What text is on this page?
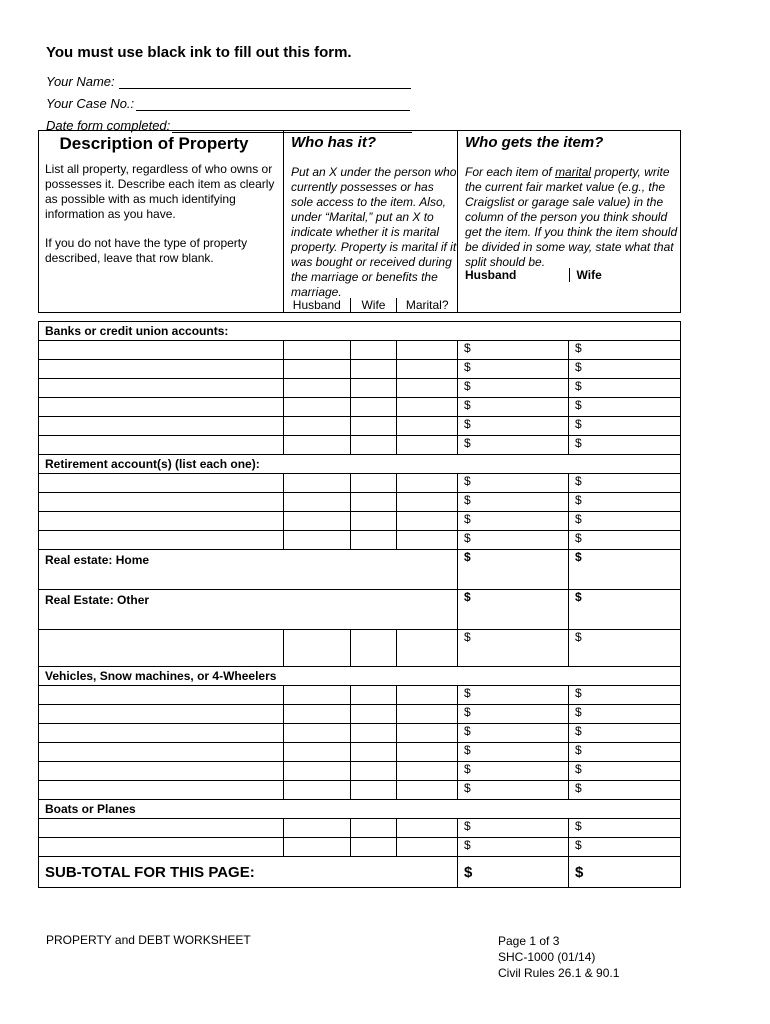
You must use black ink to fill out this form.
Your Name:
Your Case No.:
Date form completed:
Description of Property
List all property, regardless of who owns or possesses it. Describe each item as clearly as possible with as much identifying information as you have.
If you do not have the type of property described, leave that row blank.

Who has it?
Put an X under the person who currently possesses or has sole access to the item. Also, under “Marital,” put an X to indicate whether it is marital property. Property is marital if it was bought or received during the marriage or benefits the marriage.
Husband	Wife	Marital?

Who gets the item?
For each item of marital property, write the current fair market value (e.g., the Craigslist or garage sale value) in the column of the person you think should get the item. If you think the item should be divided in some way, state what that split should be.
Husband	Wife
Banks or credit union accounts:					
				$	$
				$	$
				$	$
				$	$
				$	$
				$	$
Retirement account(s) (list each one):					
				$	$
				$	$
				$	$
				$	$
Real estate: Home				$	$
Real Estate: Other				$	$
				$	$
Vehicles, Snow machines, or 4-Wheelers					
				$	$
				$	$
				$	$
				$	$
				$	$
				$	$
Boats or Planes					
				$	$
				$	$
SUB-TOTAL FOR THIS PAGE:				$	$
PROPERTY and DEBT WORKSHEET	Page 1 of 3
SHC-1000 (01/14)
Civil Rules 26.1 & 90.1
